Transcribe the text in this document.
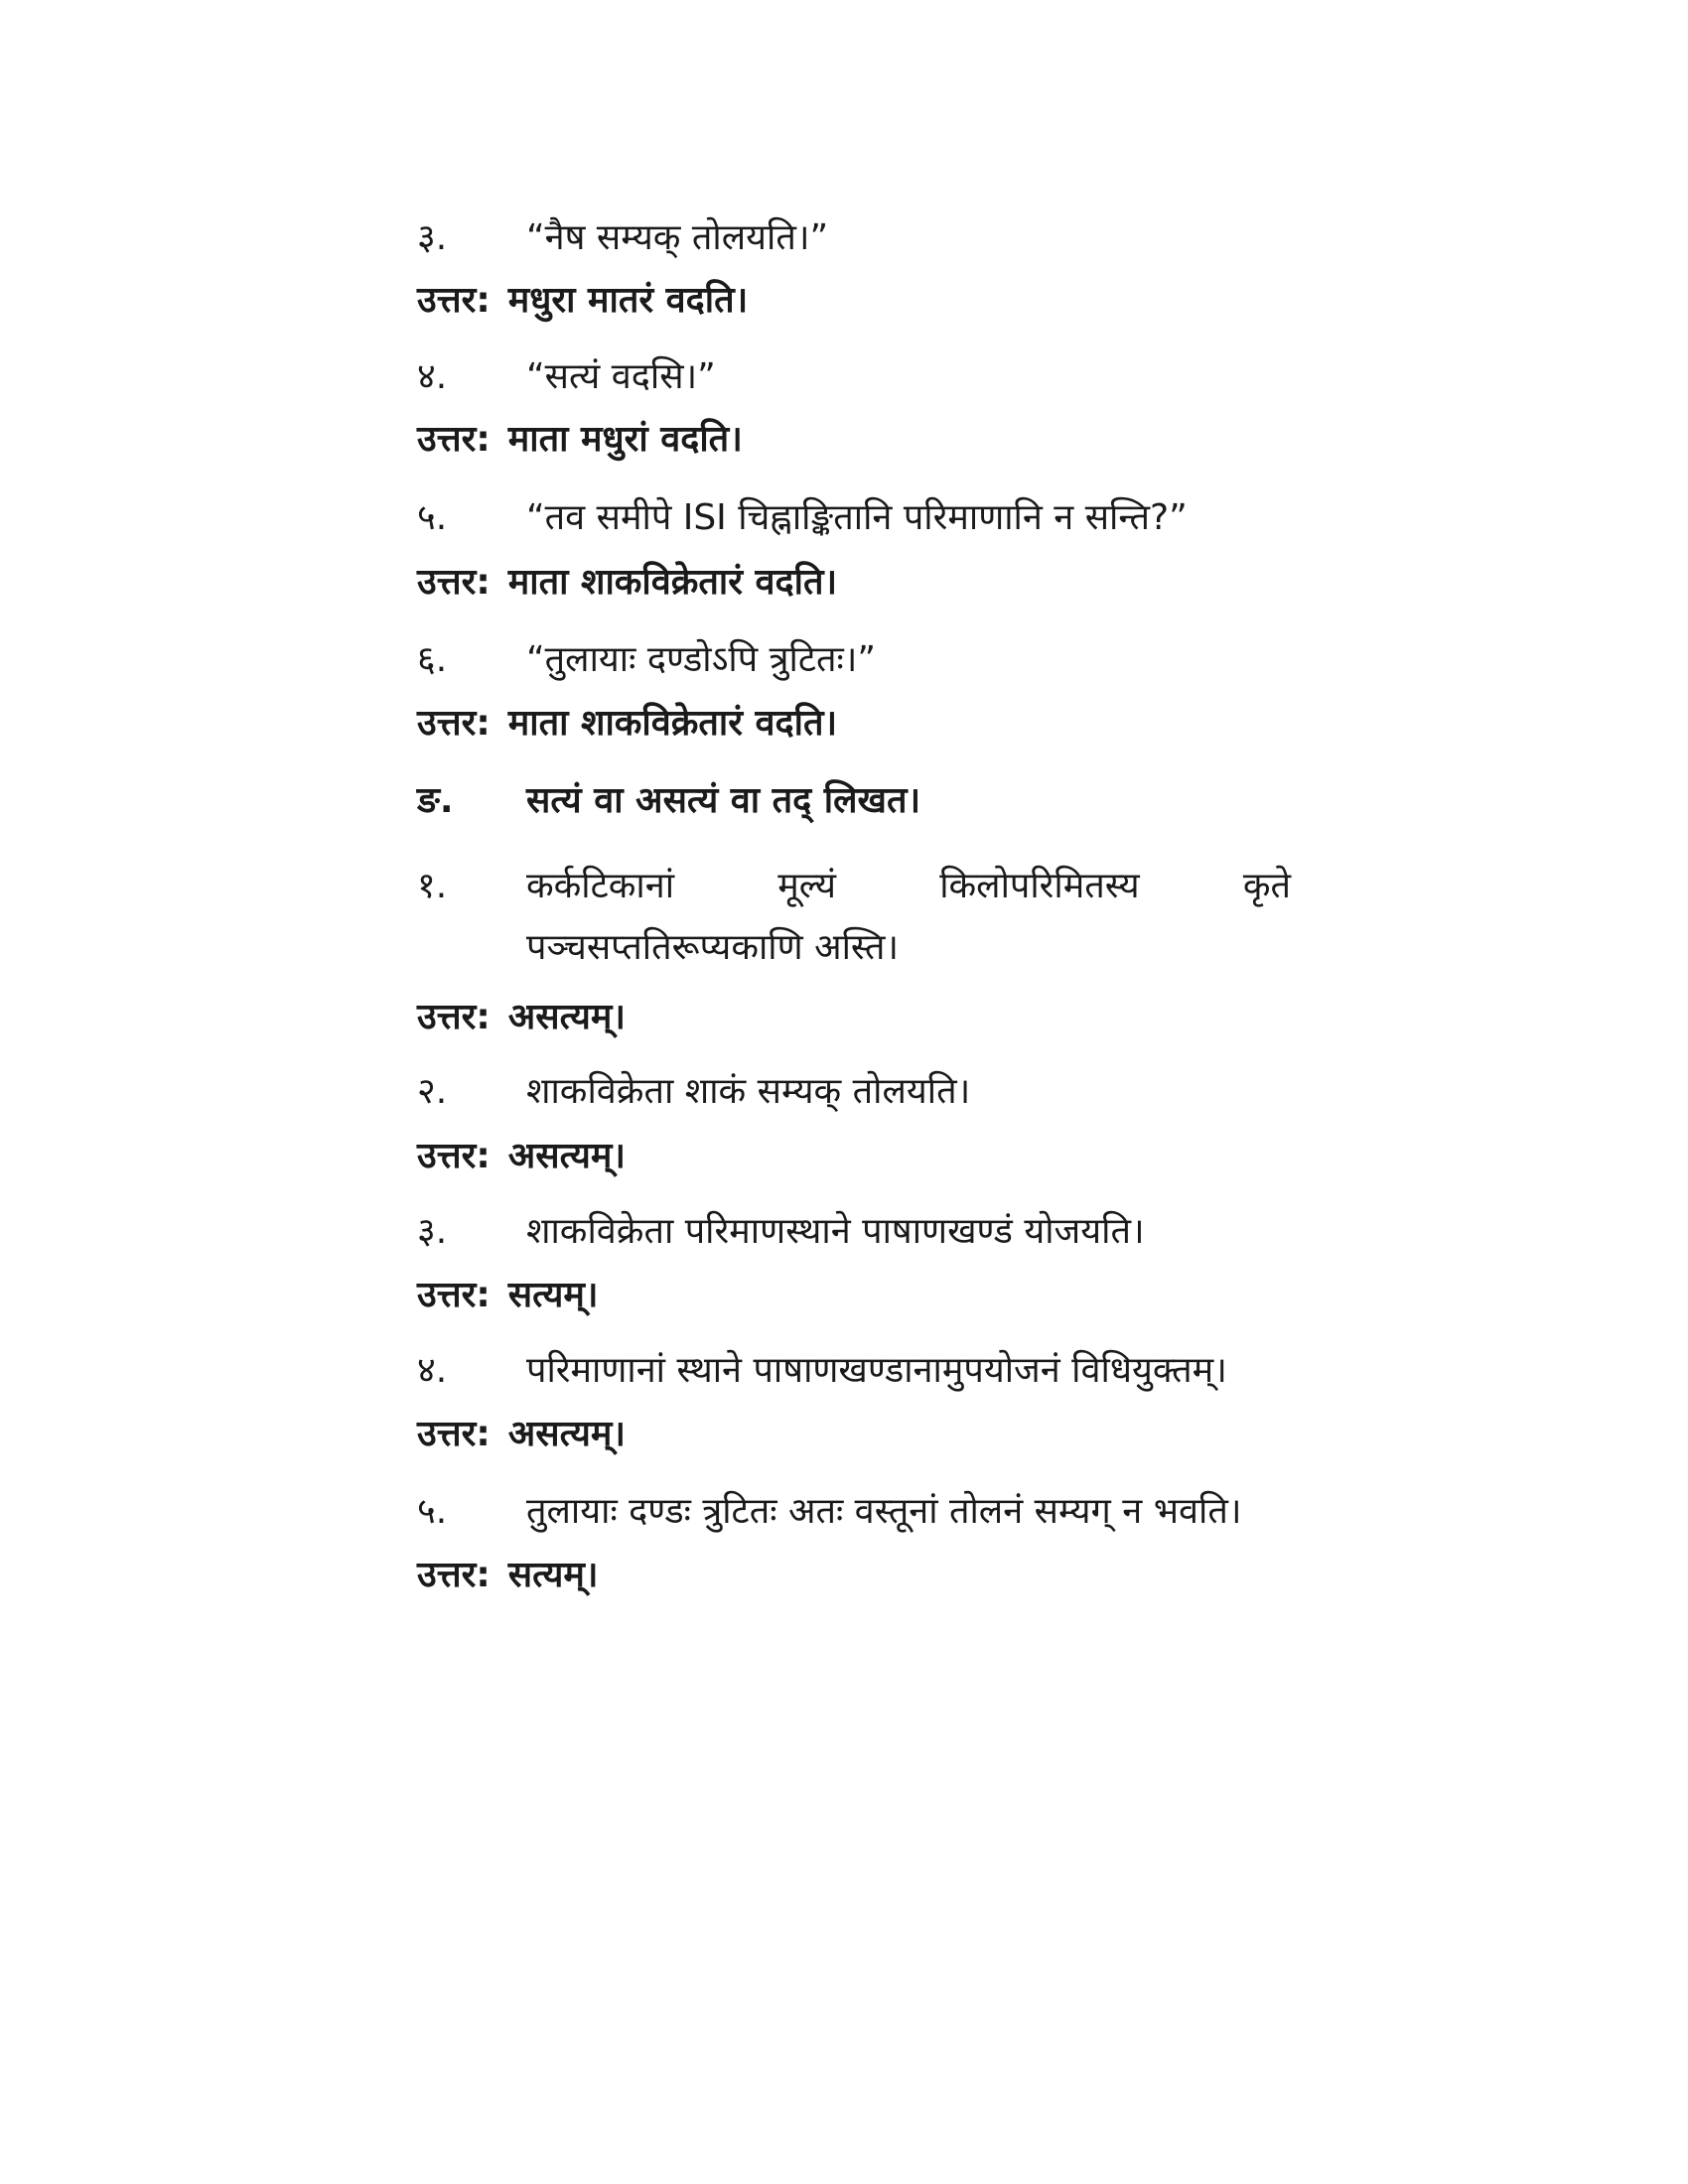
३.	“नैष सम्यक् तोलयति।”
उत्तर: मधुरा मातरं वदति।
४.	“सत्यं वदसि।”
उत्तर: माता मधुरां वदति।
५.	“तव समीपे ISI चिह्नाङ्कितानि परिमाणानि न सन्ति?”
उत्तर: माता शाकविक्रेतारं वदति।
६.	“तुलायाः दण्डोऽपि त्रुटितः।”
उत्तर: माता शाकविक्रेतारं वदति।
ङ.	सत्यं वा असत्यं वा तद् लिखत।
१.	कर्कटिकानां	मूल्यं	किलोपरिमितस्य	कृते
पञ्चसप्ततिरूप्यकाणि अस्ति।
उत्तर: असत्यम्।
२.	शाकविक्रेता शाकं सम्यक् तोलयति।
उत्तर: असत्यम्।
३.	शाकविक्रेता परिमाणस्थाने पाषाणखण्डं योजयति।
उत्तर: सत्यम्।
४.	परिमाणानां स्थाने पाषाणखण्डानामुपयोजनं विधियुक्तम्।
उत्तर: असत्यम्।
५.	तुलायाः दण्डः त्रुटितः अतः वस्तूनां तोलनं सम्यग् न भवति।
उत्तर: सत्यम्।
